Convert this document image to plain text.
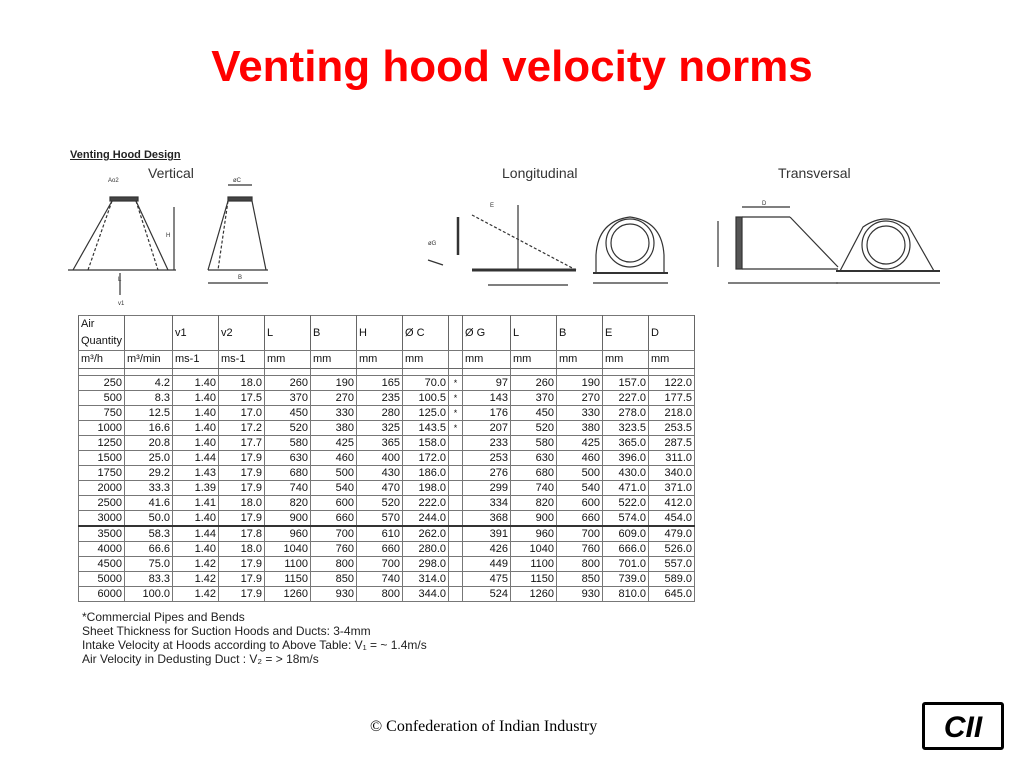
Venting hood velocity norms
Venting Hood Design
Vertical	Longitudinal	Transversal
Ao2	øC
H
L	B
v1
E
øG
D
Air Quantity		v1	v2	L	B	H	Ø C		Ø G	L	B	E	D
m³/h	m³/min	ms-1	ms-1	mm	mm	mm	mm		mm	mm	mm	mm	mm

250	4.2	1.40	18.0	260	190	165	70.0	*	97	260	190	157.0	122.0
500	8.3	1.40	17.5	370	270	235	100.5	*	143	370	270	227.0	177.5
750	12.5	1.40	17.0	450	330	280	125.0	*	176	450	330	278.0	218.0
1000	16.6	1.40	17.2	520	380	325	143.5	*	207	520	380	323.5	253.5
1250	20.8	1.40	17.7	580	425	365	158.0		233	580	425	365.0	287.5
1500	25.0	1.44	17.9	630	460	400	172.0		253	630	460	396.0	311.0
1750	29.2	1.43	17.9	680	500	430	186.0		276	680	500	430.0	340.0
2000	33.3	1.39	17.9	740	540	470	198.0		299	740	540	471.0	371.0
2500	41.6	1.41	18.0	820	600	520	222.0		334	820	600	522.0	412.0
3000	50.0	1.40	17.9	900	660	570	244.0		368	900	660	574.0	454.0
3500	58.3	1.44	17.8	960	700	610	262.0		391	960	700	609.0	479.0
4000	66.6	1.40	18.0	1040	760	660	280.0		426	1040	760	666.0	526.0
4500	75.0	1.42	17.9	1100	800	700	298.0		449	1100	800	701.0	557.0
5000	83.3	1.42	17.9	1150	850	740	314.0		475	1150	850	739.0	589.0
6000	100.0	1.42	17.9	1260	930	800	344.0		524	1260	930	810.0	645.0
*Commercial Pipes and Bends
Sheet Thickness for Suction Hoods and Ducts: 3-4mm
Intake Velocity at Hoods according to Above Table: V₁ = ~ 1.4m/s
Air Velocity in Dedusting Duct : V₂ = > 18m/s
© Confederation of Indian Industry	CII
